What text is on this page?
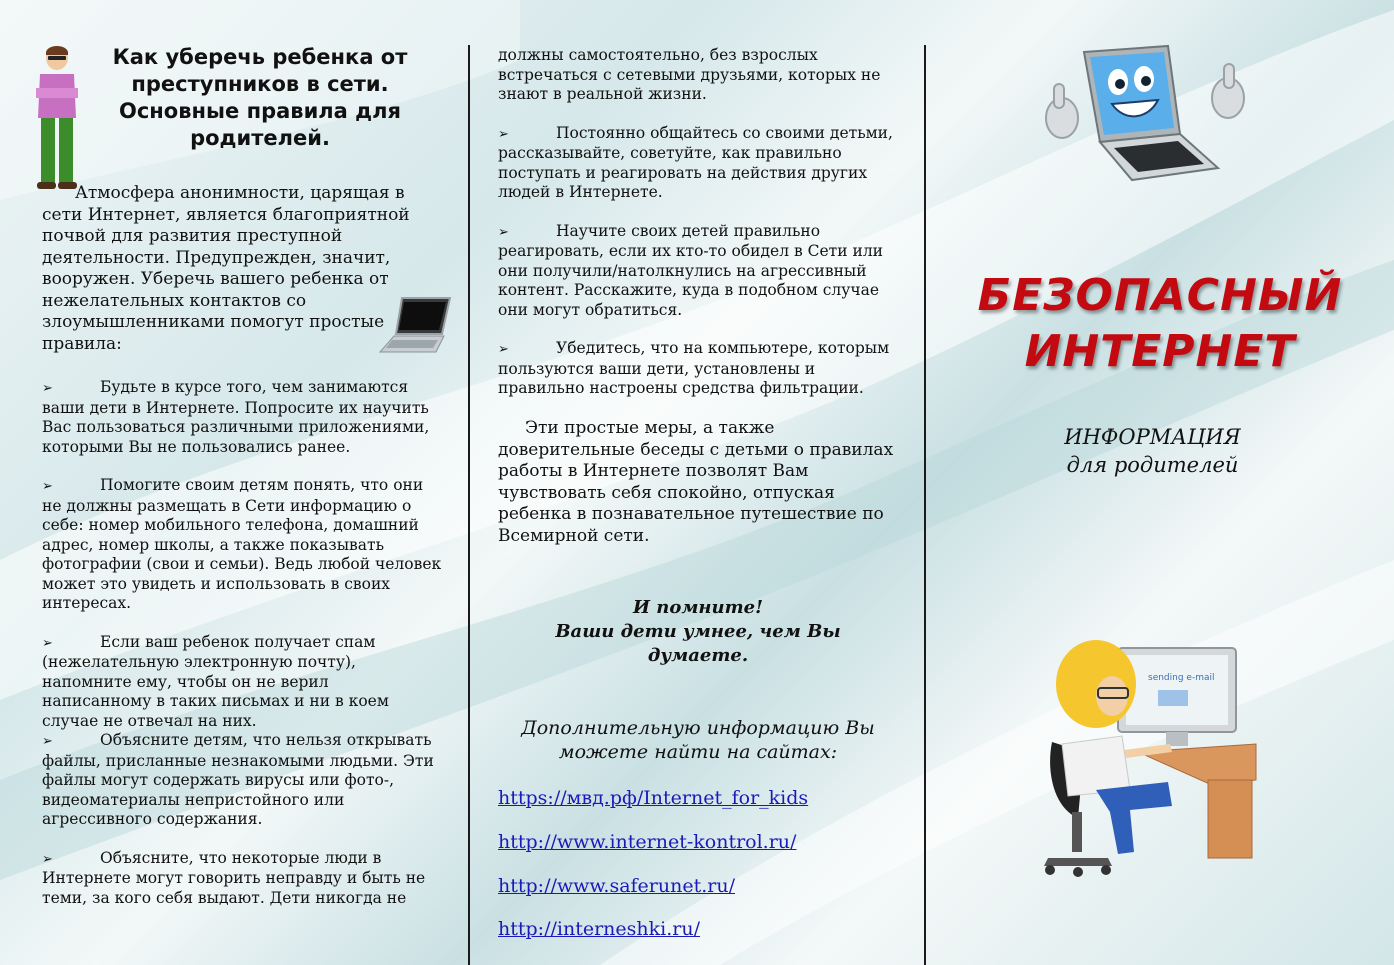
Как уберечь ребенка от преступников в сети. Основные правила для родителей.

Атмосфера анонимности, царящая в сети Интернет, является благоприятной почвой для развития преступной деятельности. Предупрежден, значит, вооружен. Уберечь вашего ребенка от нежелательных контактов со злоумышленниками помогут простые правила:

➢	Будьте в курсе того, чем занимаются ваши дети в Интернете. Попросите их научить Вас пользоваться различными приложениями, которыми Вы не пользовались ранее.

➢	Помогите своим детям понять, что они не должны размещать в Сети информацию о себе: номер мобильного телефона, домашний адрес, номер школы, а также показывать фотографии (свои и семьи). Ведь любой человек может это увидеть и использовать в своих интересах.

➢	Если ваш ребенок получает спам (нежелательную электронную почту), напомните ему, чтобы он не верил написанному в таких письмах и ни в коем случае не отвечал на них.

➢	Объясните детям, что нельзя открывать файлы, присланные незнакомыми людьми. Эти файлы могут содержать вирусы или фото-, видеоматериалы непристойного или агрессивного содержания.

➢	Объясните, что некоторые люди в Интернете могут говорить неправду и быть не теми, за кого себя выдают. Дети никогда не

должны самостоятельно, без взрослых встречаться с сетевыми друзьями, которых не знают в реальной жизни.

➢	Постоянно общайтесь со своими детьми, рассказывайте, советуйте, как правильно поступать и реагировать на действия других людей в Интернете.

➢	Научите своих детей правильно реагировать, если их кто-то обидел в Сети или они получили/натолкнулись на агрессивный контент. Расскажите, куда в подобном случае они могут обратиться.

➢	Убедитесь, что на компьютере, которым пользуются ваши дети, установлены и правильно настроены средства фильтрации.

Эти простые меры, а также доверительные беседы с детьми о правилах работы в Интернете позволят Вам чувствовать себя спокойно, отпуская ребенка в познавательное путешествие по Всемирной сети.

И помните!
Ваши дети умнее, чем Вы думаете.

Дополнительную информацию Вы можете найти на сайтах:

https://мвд.рф/Internet_for_kids
http://www.internet-kontrol.ru/
http://www.saferunet.ru/
http://interneshki.ru/
БЕЗОПАСНЫЙ
ИНТЕРНЕТ

ИНФОРМАЦИЯ

для родителей

sending e-mail
